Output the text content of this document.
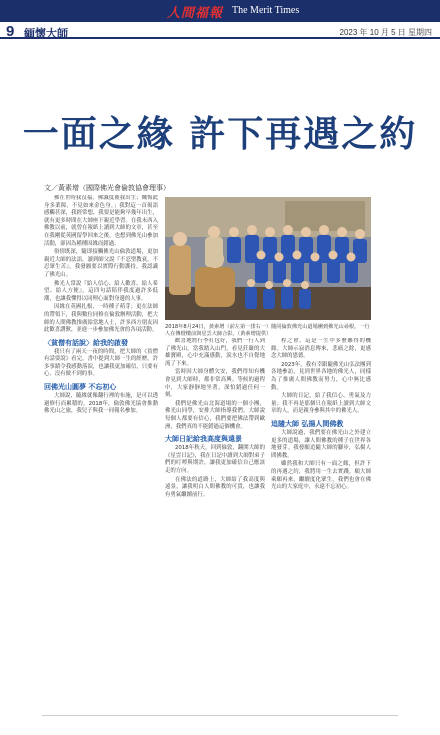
人間福報 The Merit Times
9 緬懷大師	2023 年 10 月 5 日 星期四
一面之緣 許下再遇之約
文／黃素增（國際佛光會倫敦協會理事）

佛在世時我沒福，佛滅度後我出生；懺悔此身多業障，不見如來金色身。」我對這一首偈語感觸甚深，我經常想，我要是能夠早幾年出生，就有更多時間在大師座下親近學習。在我未西入佛教以前，就曾在報紙上讀到大師的文章，甚至在我剛從英國留學回來之後，也想到佛光山參加活動，卻因為種種因緣而錯過。

俗情既深，隨即接觸佛光山倫敦道場，更加親近大師的法語，讀到師父說『不忍聖教衰，不忍眾生苦』，我發願要以實際行動護持。我認識了佛光山。

佛光人常說『給人信心、給人歡喜、給人希望、給人方便』，這四句話陪伴我度過許多低潮，也讓我懂得以同理心面對身邊的人事。

因緣在英國扎根，一時種子萌芽；更在法師的帶領下，我與數位同修在倫敦辦理活動，把大師的人間佛教推廣給當地人士，許多西方朋友因此歡喜讚歎，並進一步參加佛光會的各項活動。

〈貧僧有話說〉給我的啟發

我只有了兩天一夜的時間，把大師的《貧僧有話要說》看完。書中提到大師一生的經歷，許多事蹟令我感動落淚，也讓我更加確信，只要有心，沒有做不到的事。

回佛光山圓夢 不忘初心

大師說，隨緣就像翻行裡的布施，是可以透過修行而累積的。2018年，倫敦佛光協會推動佛光山之旅，我兒子與我一同報名參加。

2018年8月24日，黃素增（前左第一排右一）隨同倫敦佛光山道場團到佛光山尋根，一行人在傳燈樓前與星雲大師合影。（黃素增提供）

歡喜地將行李打包好，我們一行人到了佛光山，當我踏入山門，看見莊嚴的大雄寶殿，心中充滿感動，淚水也不自覺地流了下來。

當時因大師身體欠安，我們得知有機會見到大師時，都非常高興。等候的過程中，大家靜靜地坐著，深怕錯過任何一刻。

我們是佛光山北海道場的一個小團，佛光山同學，安排大師指導我們。大師說每個人都要有信心，我們要把佛法帶到歐洲，我們真的不能錯過這個機會。

大師日記給我高度與遠景

2018年秋天，回到倫敦，翻開大師的《星雲日記》，我在日記中讀到大師對弟子們的叮嚀與期許，讓我更加確信自己應該走的方向。

在佛法的道路上，大師給了我高度與遠景，讓我明白人間佛教的可貴，也讓我有勇氣繼續前行。

程之會，這是一生中多麼難得的機緣。大師示寂消息傳來，悲痛之餘，更感念大師的恩德。

2023年，我有幸跟隨佛光山弘法團到各地參訪，見到世界各地的佛光人，同樣為了推廣人間佛教而努力，心中無比感動。

大師的日記，給了我信心、勇氣及力量；我不再是那個只在報紙上讀到大師文章的人，而是親身參與其中的佛光人。

追隨大師 弘揚人間佛教

大師說過，我們要在佛光山之外建立更多的道場，讓人間佛教的種子在世界各地發芽。我發願追隨大師的腳步，弘揚人間佛教。

雖然我和大師只有一面之緣，但許下的再遇之約，我將用一生去實踐。願大師乘願再來，繼續度化眾生，我們也會在佛光山的大家庭中，永遠不忘初心。
